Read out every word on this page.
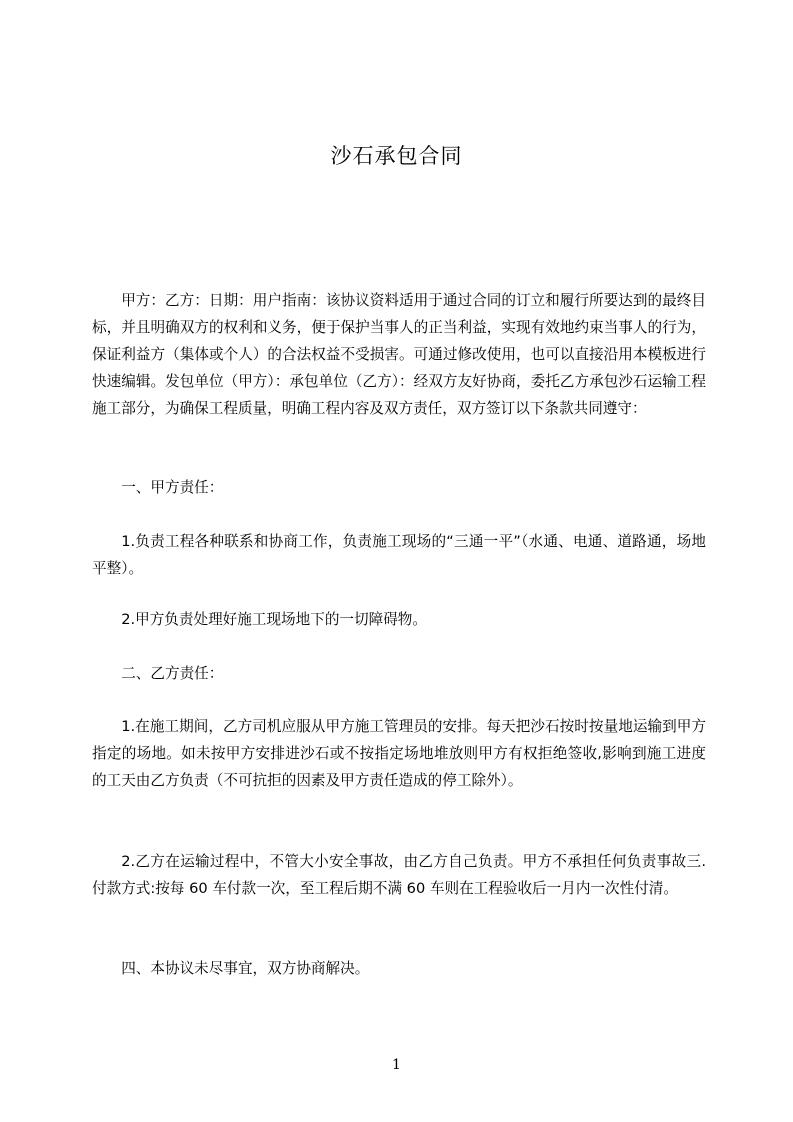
沙石承包合同

甲方：乙方：日期：用户指南：该协议资料适用于通过合同的订立和履行所要达到的最终目标，并且明确双方的权利和义务，便于保护当事人的正当利益，实现有效地约束当事人的行为，保证利益方（集体或个人）的合法权益不受损害。可通过修改使用，也可以直接沿用本模板进行快速编辑。发包单位（甲方）：承包单位（乙方）：经双方友好协商，委托乙方承包沙石运输工程施工部分，为确保工程质量，明确工程内容及双方责任，双方签订以下条款共同遵守：

一、甲方责任：

1.负责工程各种联系和协商工作，负责施工现场的“三通一平”（水通、电通、道路通，场地平整）。

2.甲方负责处理好施工现场地下的一切障碍物。

二、乙方责任：

1.在施工期间，乙方司机应服从甲方施工管理员的安排。每天把沙石按时按量地运输到甲方指定的场地。如未按甲方安排进沙石或不按指定场地堆放则甲方有权拒绝签收,影响到施工进度的工天由乙方负责（不可抗拒的因素及甲方责任造成的停工除外）。

2.乙方在运输过程中，不管大小安全事故，由乙方自己负责。甲方不承担任何负责事故三.付款方式:按每 60 车付款一次，至工程后期不满 60 车则在工程验收后一月内一次性付清。

四、本协议未尽事宜，双方协商解决。

1
